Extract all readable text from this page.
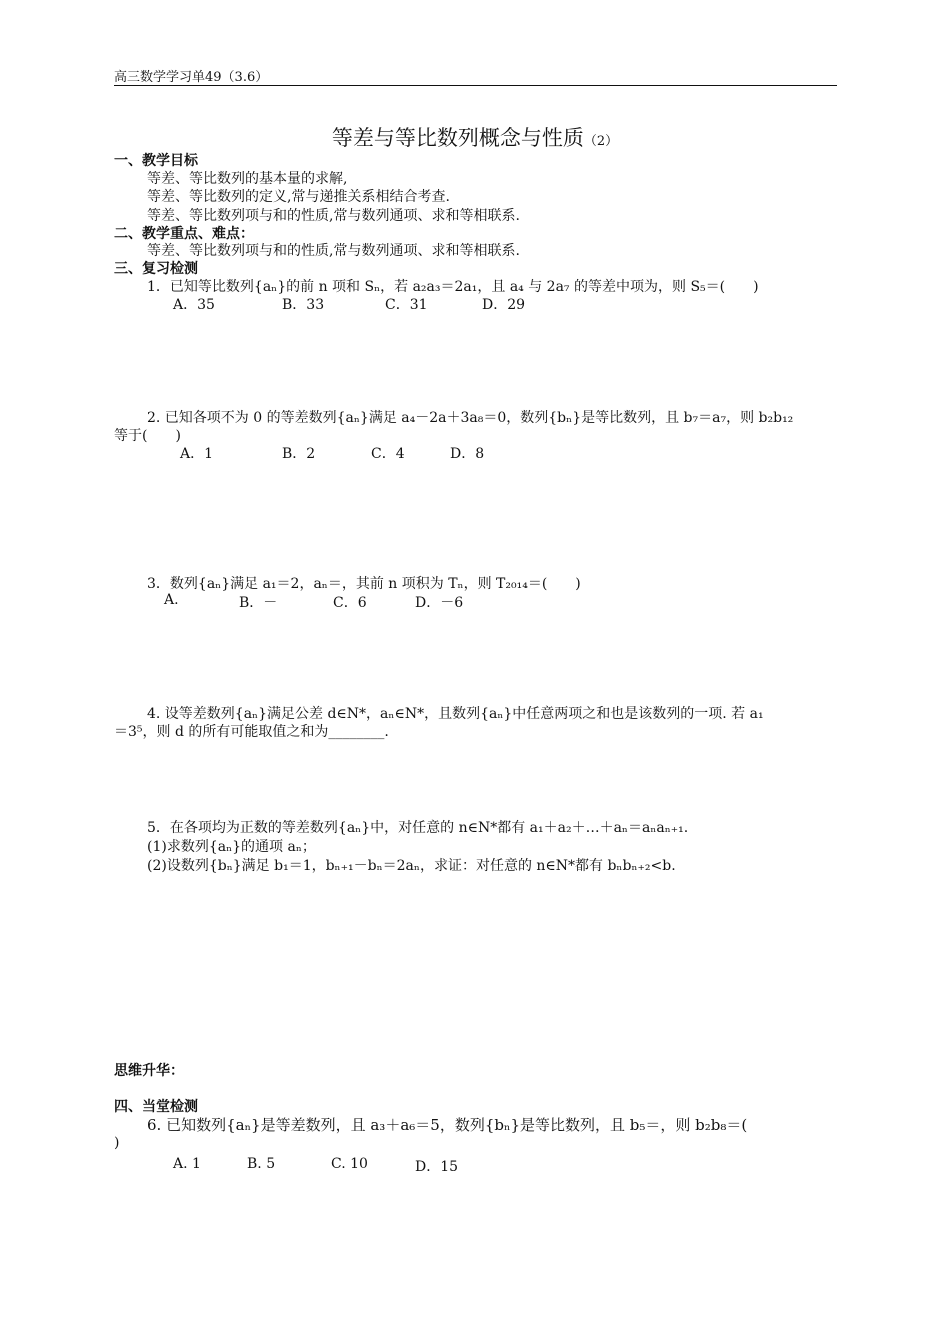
高三数学学习单49（3.6）
等差与等比数列概念与性质（2）
一、教学目标
等差、等比数列的基本量的求解,
等差、等比数列的定义,常与递推关系相结合考查.
等差、等比数列项与和的性质,常与数列通项、求和等相联系.
二、教学重点、难点：
等差、等比数列项与和的性质,常与数列通项、求和等相联系.
三、复习检测
1．已知等比数列{aₙ}的前 n 项和 Sₙ，若 a₂a₃＝2a₁，且 a₄ 与 2a₇ 的等差中项为，则 S₅＝(　　)
A．35	B．33	C．31	D．29
2. 已知各项不为 0 的等差数列{aₙ}满足 a₄－2a＋3a₈＝0，数列{bₙ}是等比数列，且 b₇＝a₇，则 b₂b₁₂
等于(　　)
A．1	B．2	C．4	D．8
3．数列{aₙ}满足 a₁＝2，aₙ＝，其前 n 项积为 Tₙ，则 T₂₀₁₄＝(　　)
A.	B．－	C．6	D．－6
4. 设等差数列{aₙ}满足公差 d∈N*，aₙ∈N*，且数列{aₙ}中任意两项之和也是该数列的一项. 若 a₁
＝3⁵，则 d 的所有可能取值之和为________.
5．在各项均为正数的等差数列{aₙ}中，对任意的 n∈N*都有 a₁＋a₂＋…＋aₙ＝aₙaₙ₊₁.
(1)求数列{aₙ}的通项 aₙ；
(2)设数列{bₙ}满足 b₁＝1，bₙ₊₁－bₙ＝2aₙ，求证：对任意的 n∈N*都有 bₙbₙ₊₂<b.
思维升华：
四、当堂检测
6. 已知数列{aₙ}是等差数列，且 a₃＋a₆＝5，数列{bₙ}是等比数列，且 b₅＝，则 b₂b₈＝(
)
A. 1	B. 5	C. 10	D．15
